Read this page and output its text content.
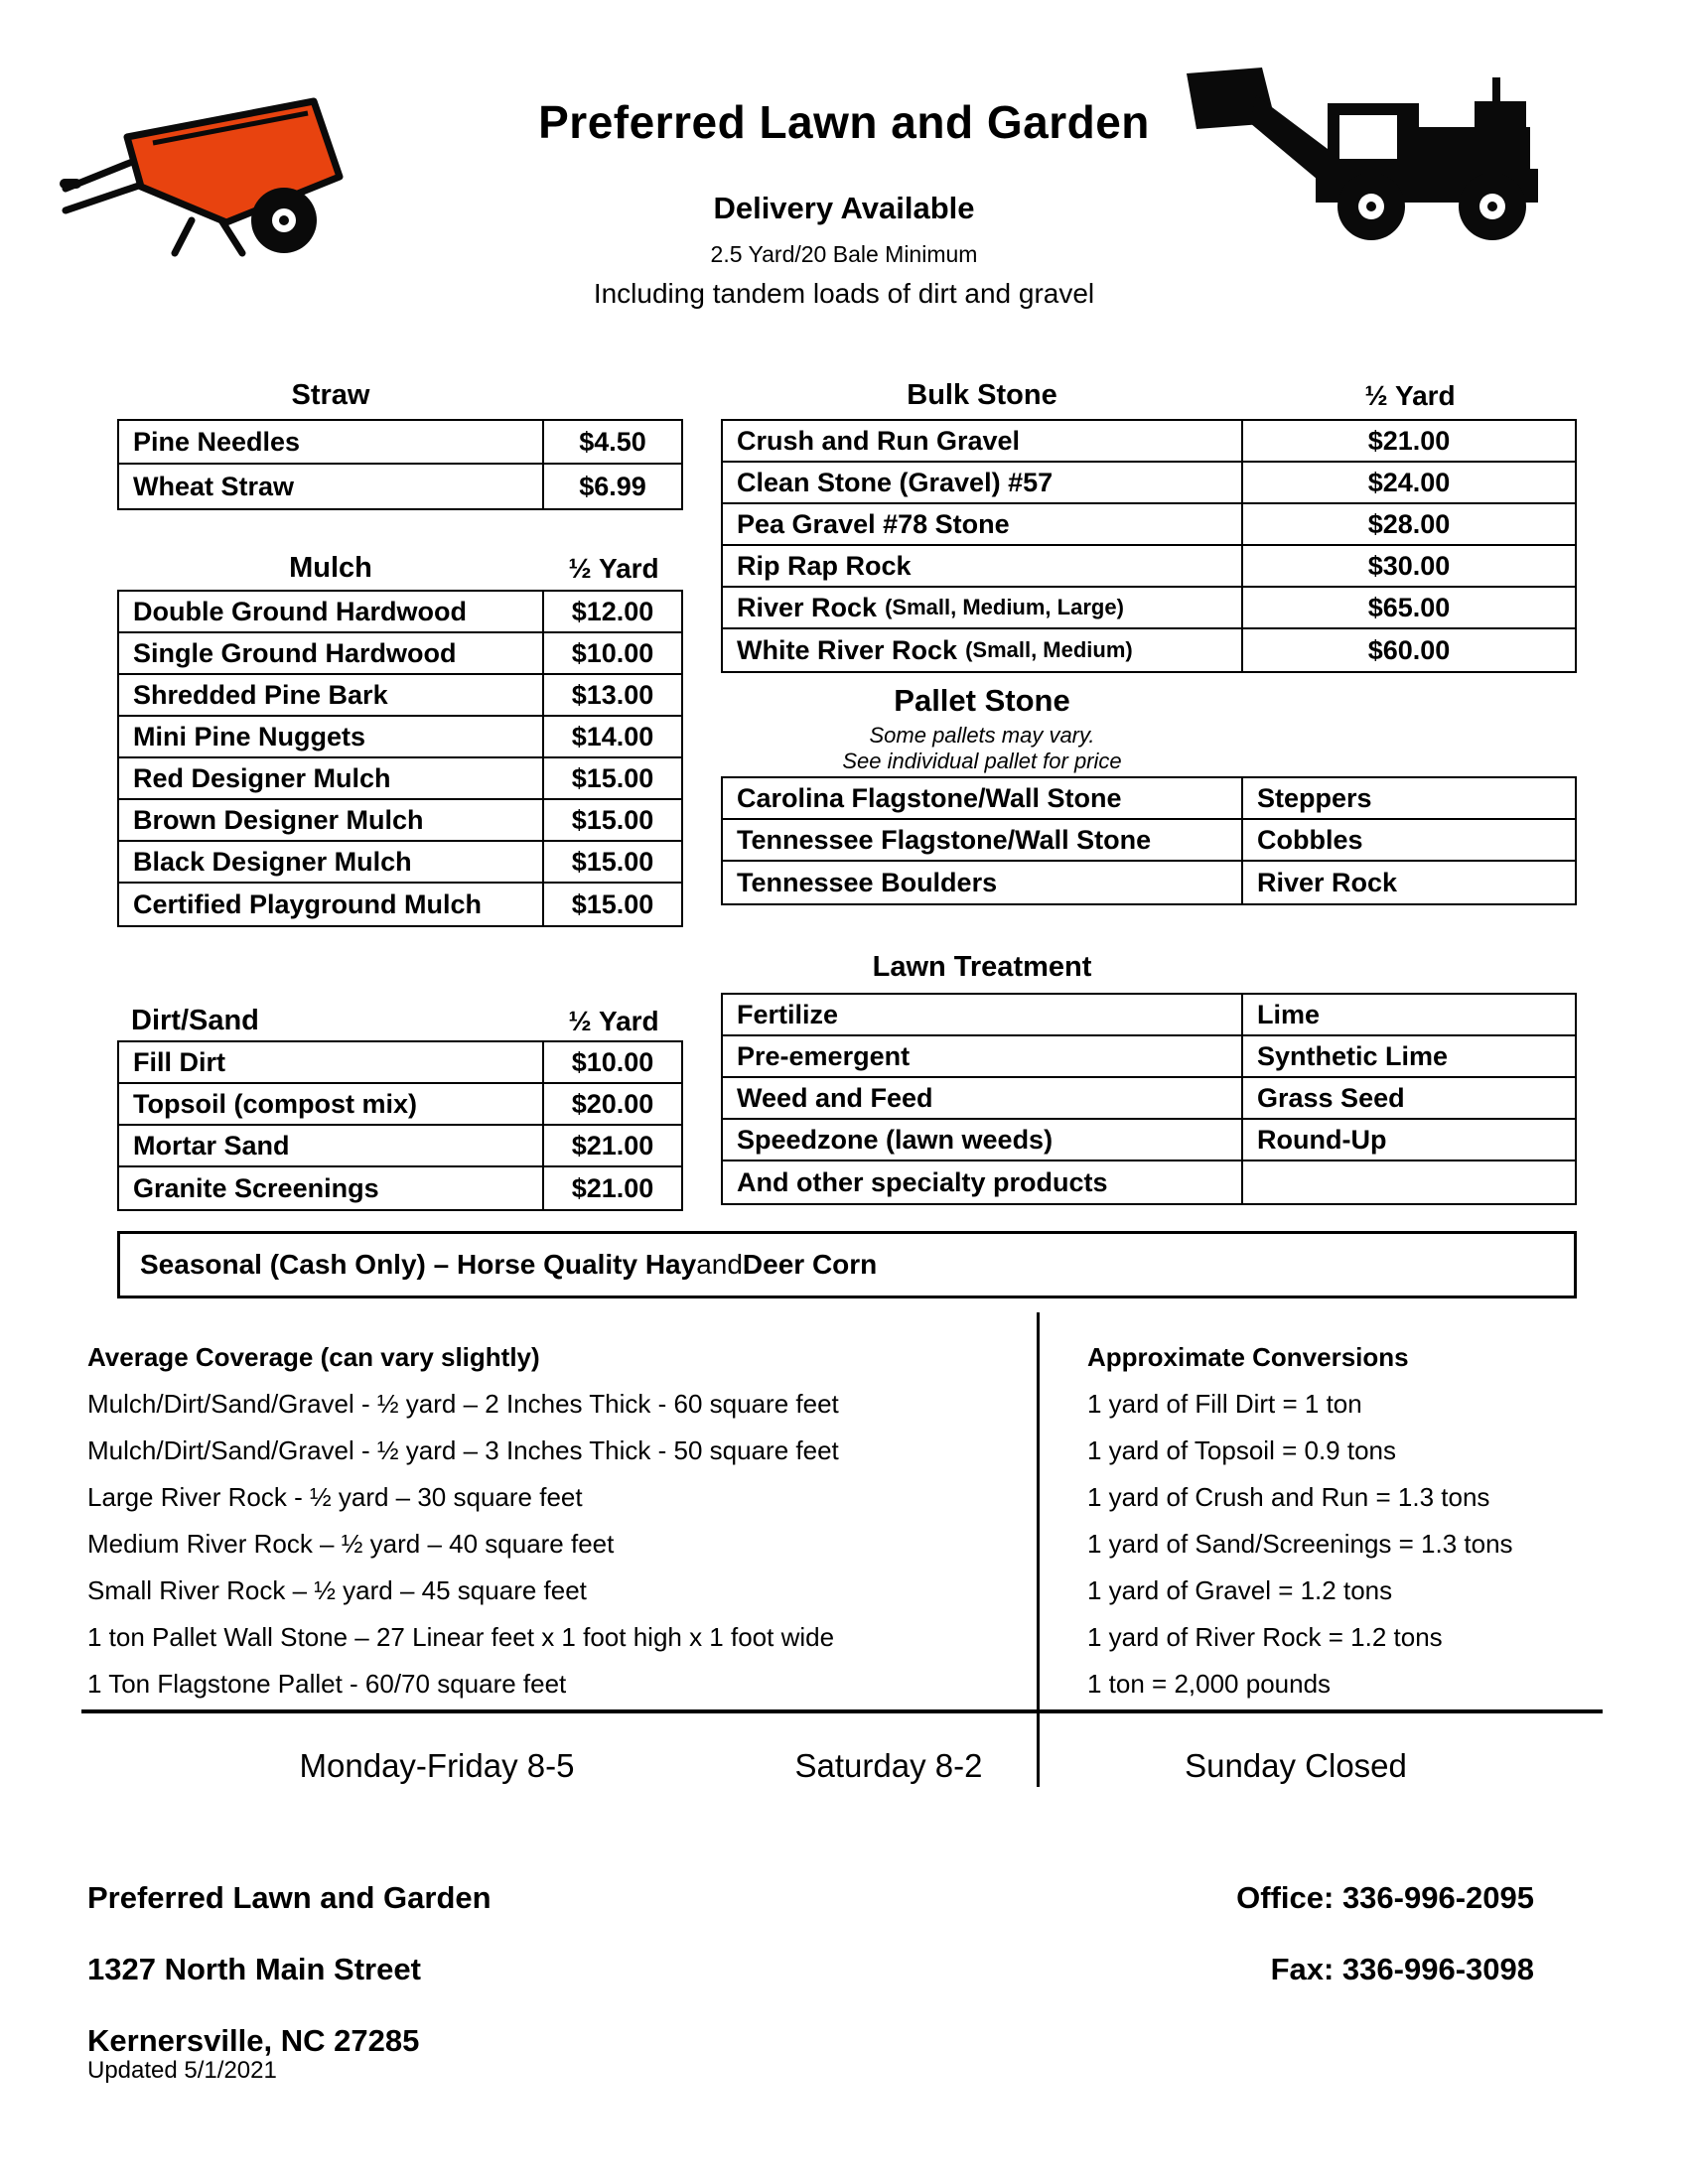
Preferred Lawn and Garden
Delivery Available
2.5 Yard/20 Bale Minimum
Including tandem loads of dirt and gravel
Straw
Pine Needles	$4.50
Wheat Straw	$6.99
Mulch	½ Yard
Double Ground Hardwood	$12.00
Single Ground Hardwood	$10.00
Shredded Pine Bark	$13.00
Mini Pine Nuggets	$14.00
Red Designer Mulch	$15.00
Brown Designer Mulch	$15.00
Black Designer Mulch	$15.00
Certified Playground Mulch	$15.00
Dirt/Sand	½ Yard
Fill Dirt	$10.00
Topsoil (compost mix)	$20.00
Mortar Sand	$21.00
Granite Screenings	$21.00
Bulk Stone	½ Yard
Crush and Run Gravel	$21.00
Clean Stone (Gravel) #57	$24.00
Pea Gravel #78 Stone	$28.00
Rip Rap Rock	$30.00
River Rock (Small, Medium, Large)	$65.00
White River Rock (Small, Medium)	$60.00
Pallet Stone
Some pallets may vary.
See individual pallet for price
Carolina Flagstone/Wall Stone	Steppers
Tennessee Flagstone/Wall Stone	Cobbles
Tennessee Boulders	River Rock
Lawn Treatment
Fertilize	Lime
Pre-emergent	Synthetic Lime
Weed and Feed	Grass Seed
Speedzone (lawn weeds)	Round-Up
And other specialty products
Seasonal (Cash Only) – Horse Quality Hay and Deer Corn
Average Coverage (can vary slightly)
Mulch/Dirt/Sand/Gravel - ½ yard – 2 Inches Thick - 60 square feet
Mulch/Dirt/Sand/Gravel - ½ yard – 3 Inches Thick - 50 square feet
Large River Rock - ½ yard – 30 square feet
Medium River Rock – ½ yard – 40 square feet
Small River Rock – ½ yard – 45 square feet
1 ton Pallet Wall Stone – 27 Linear feet x 1 foot high x 1 foot wide
1 Ton Flagstone Pallet - 60/70 square feet
Approximate Conversions
1 yard of Fill Dirt = 1 ton
1 yard of Topsoil = 0.9 tons
1 yard of Crush and Run = 1.3 tons
1 yard of Sand/Screenings = 1.3 tons
1 yard of Gravel = 1.2 tons
1 yard of River Rock = 1.2 tons
1 ton = 2,000 pounds
Monday-Friday 8-5	Saturday 8-2	Sunday Closed
Preferred Lawn and Garden
1327 North Main Street
Kernersville, NC 27285
Office: 336-996-2095
Fax: 336-996-3098
Updated 5/1/2021
